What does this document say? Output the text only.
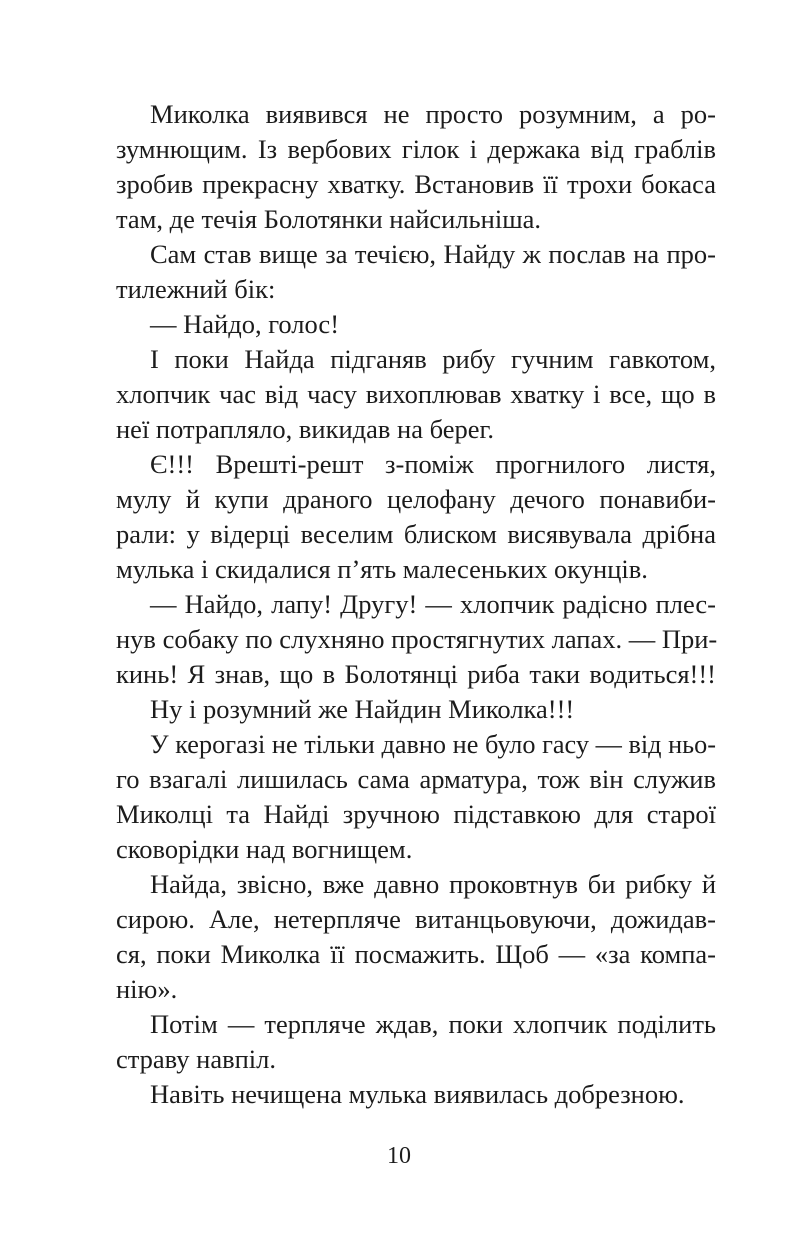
Миколка виявився не просто розумним, а ро-
зумнющим. Із вербових гілок і держака від граблів
зробив прекрасну хватку. Встановив її трохи бокаса
там, де течія Болотянки найсильніша.
Сам став вище за течією, Найду ж послав на про-
тилежний бік:
— Найдо, голос!
І поки Найда підганяв рибу гучним гавкотом,
хлопчик час від часу вихоплював хватку і все, що в
неї потрапляло, викидав на берег.
Є!!! Врешті-решт з-поміж прогнилого листя,
мулу й купи драного целофану дечого понавиби-
рали: у відерці веселим блиском висявувала дрібна
мулька і скидалися п’ять малесеньких окунців.
— Найдо, лапу! Другу! — хлопчик радісно плес-
нув собаку по слухняно простягнутих лапах. — При-
кинь! Я знав, що в Болотянці риба таки водиться!!!
Ну і розумний же Найдин Миколка!!!
У керогазі не тільки давно не було гасу — від ньо-
го взагалі лишилась сама арматура, тож він служив
Миколці та Найді зручною підставкою для старої
сковорідки над вогнищем.
Найда, звісно, вже давно проковтнув би рибку й
сирою. Але, нетерпляче витанцьовуючи, дожидав-
ся, поки Миколка її посмажить. Щоб — «за компа-
нію».
Потім — терпляче ждав, поки хлопчик поділить
страву навпіл.
Навіть нечищена мулька виявилась добрезною.
10
